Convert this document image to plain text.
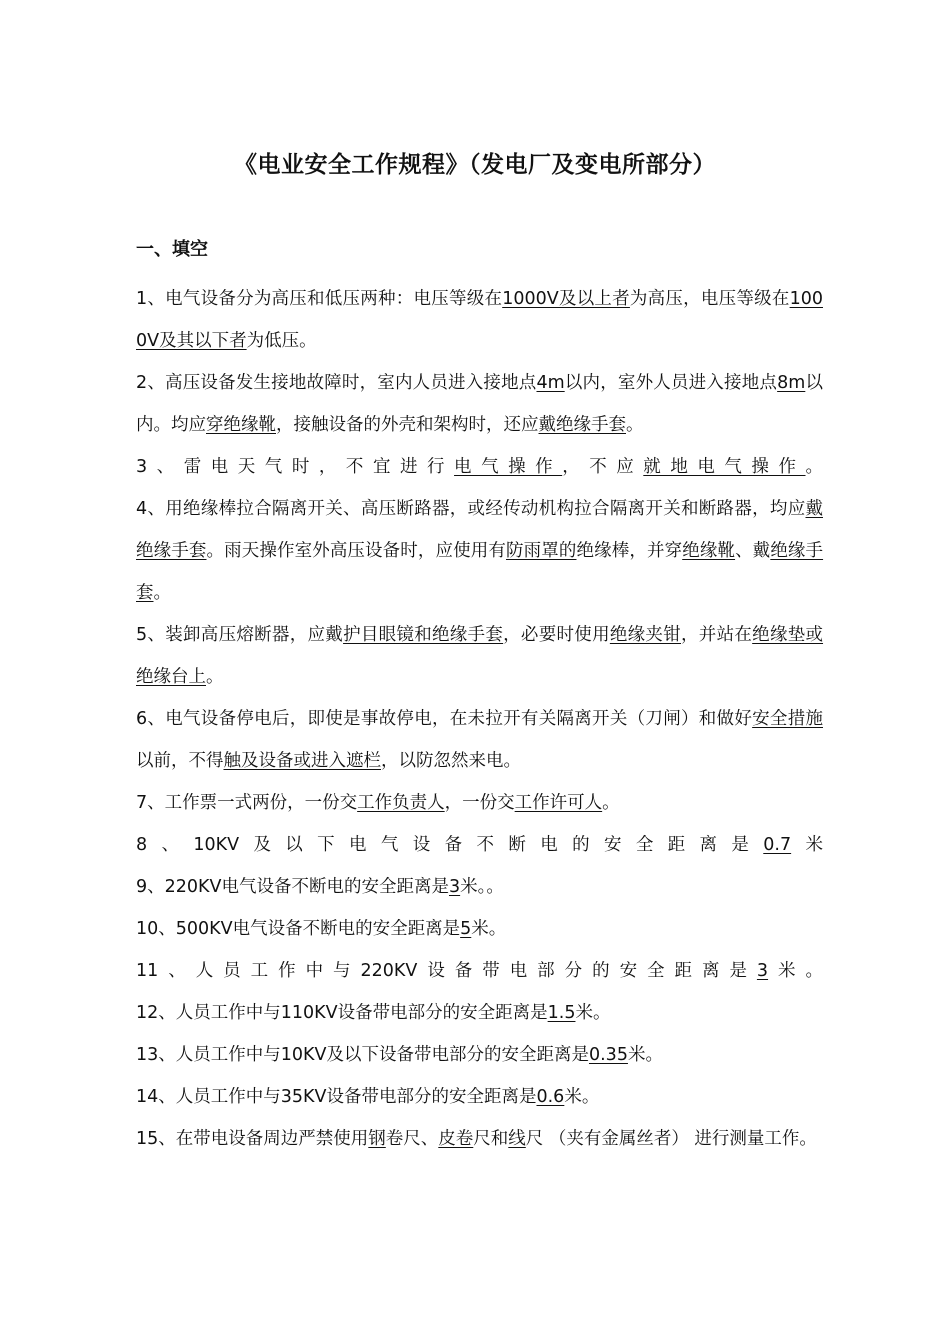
《电业安全工作规程》（发电厂及变电所部分）
一、填空

1、电气设备分为高压和低压两种：电压等级在1000V及以上者为高压，电压等级在1000V及其以下者为低压。

2、高压设备发生接地故障时，室内人员进入接地点4m以内，室外人员进入接地点8m以内。均应穿绝缘靴，接触设备的外壳和架构时，还应戴绝缘手套。

3、雷电天气时，不宜进行电气操作，不应就地电气操作。

4、用绝缘棒拉合隔离开关、高压断路器，或经传动机构拉合隔离开关和断路器，均应戴绝缘手套。雨天操作室外高压设备时，应使用有防雨罩的绝缘棒，并穿绝缘靴、戴绝缘手套。

5、装卸高压熔断器，应戴护目眼镜和绝缘手套，必要时使用绝缘夹钳，并站在绝缘垫或绝缘台上。

6、电气设备停电后，即使是事故停电，在未拉开有关隔离开关（刀闸）和做好安全措施以前，不得触及设备或进入遮栏，以防忽然来电。

7、工作票一式两份，一份交工作负责人，一份交工作许可人。

8、10KV及以下电气设备不断电的安全距离是0.7米

9、220KV电气设备不断电的安全距离是3米。。

10、500KV电气设备不断电的安全距离是5米。

11、人员工作中与220KV设备带电部分的安全距离是3米。

12、人员工作中与110KV设备带电部分的安全距离是1.5米。

13、人员工作中与10KV及以下设备带电部分的安全距离是0.35米。

14、人员工作中与35KV设备带电部分的安全距离是0.6米。

15、在带电设备周边严禁使用钢卷尺、皮卷尺和线尺 （夹有金属丝者） 进行测量工作。
